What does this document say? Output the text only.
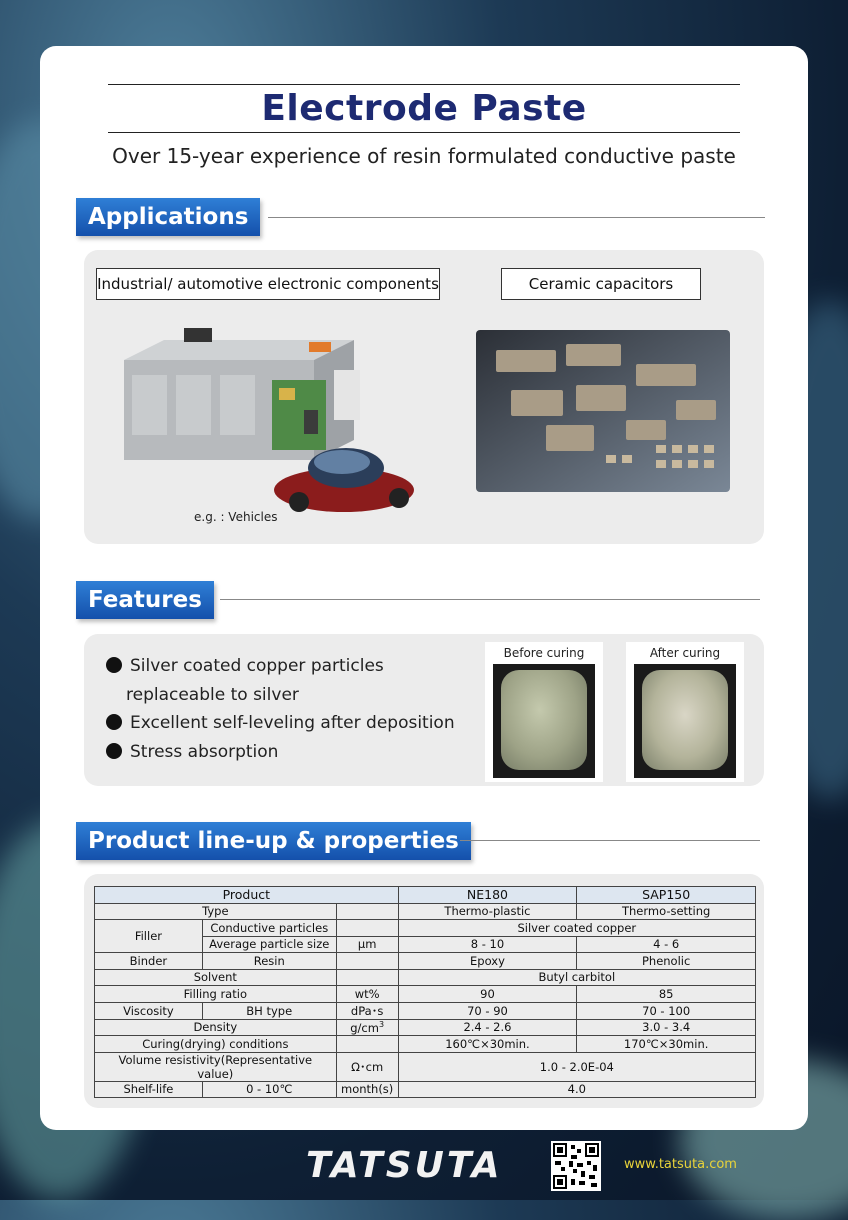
Electrode Paste
Over 15-year experience of resin formulated conductive paste
Applications
Industrial/ automotive electronic components	Ceramic capacitors
e.g. : Vehicles
Features
Silver coated copper particles
replaceable to silver
Excellent self-leveling after deposition
Stress absorption
Before curing	After curing
Product line-up & properties
Product			NE180	SAP150
Type			Thermo-plastic	Thermo-setting
Filler	Conductive particles		Silver coated copper	
	Average particle size	μm	8 - 10	4 - 6
Binder	Resin		Epoxy	Phenolic
Solvent			Butyl carbitol	
Filling ratio		wt%	90	85
Viscosity	BH type	dPa･s	70 - 90	70 - 100
Density		$g/cm^3$	2.4 - 2.6	3.0 - 3.4
Curing(drying) conditions			160℃×30min.	170℃×30min.
Volume resistivity(Representative value)		Ω･cm	1.0 - 2.0E-04	
Shelf-life	0 - 10℃	month(s)	4.0	
TATSUTA	www.tatsuta.com
